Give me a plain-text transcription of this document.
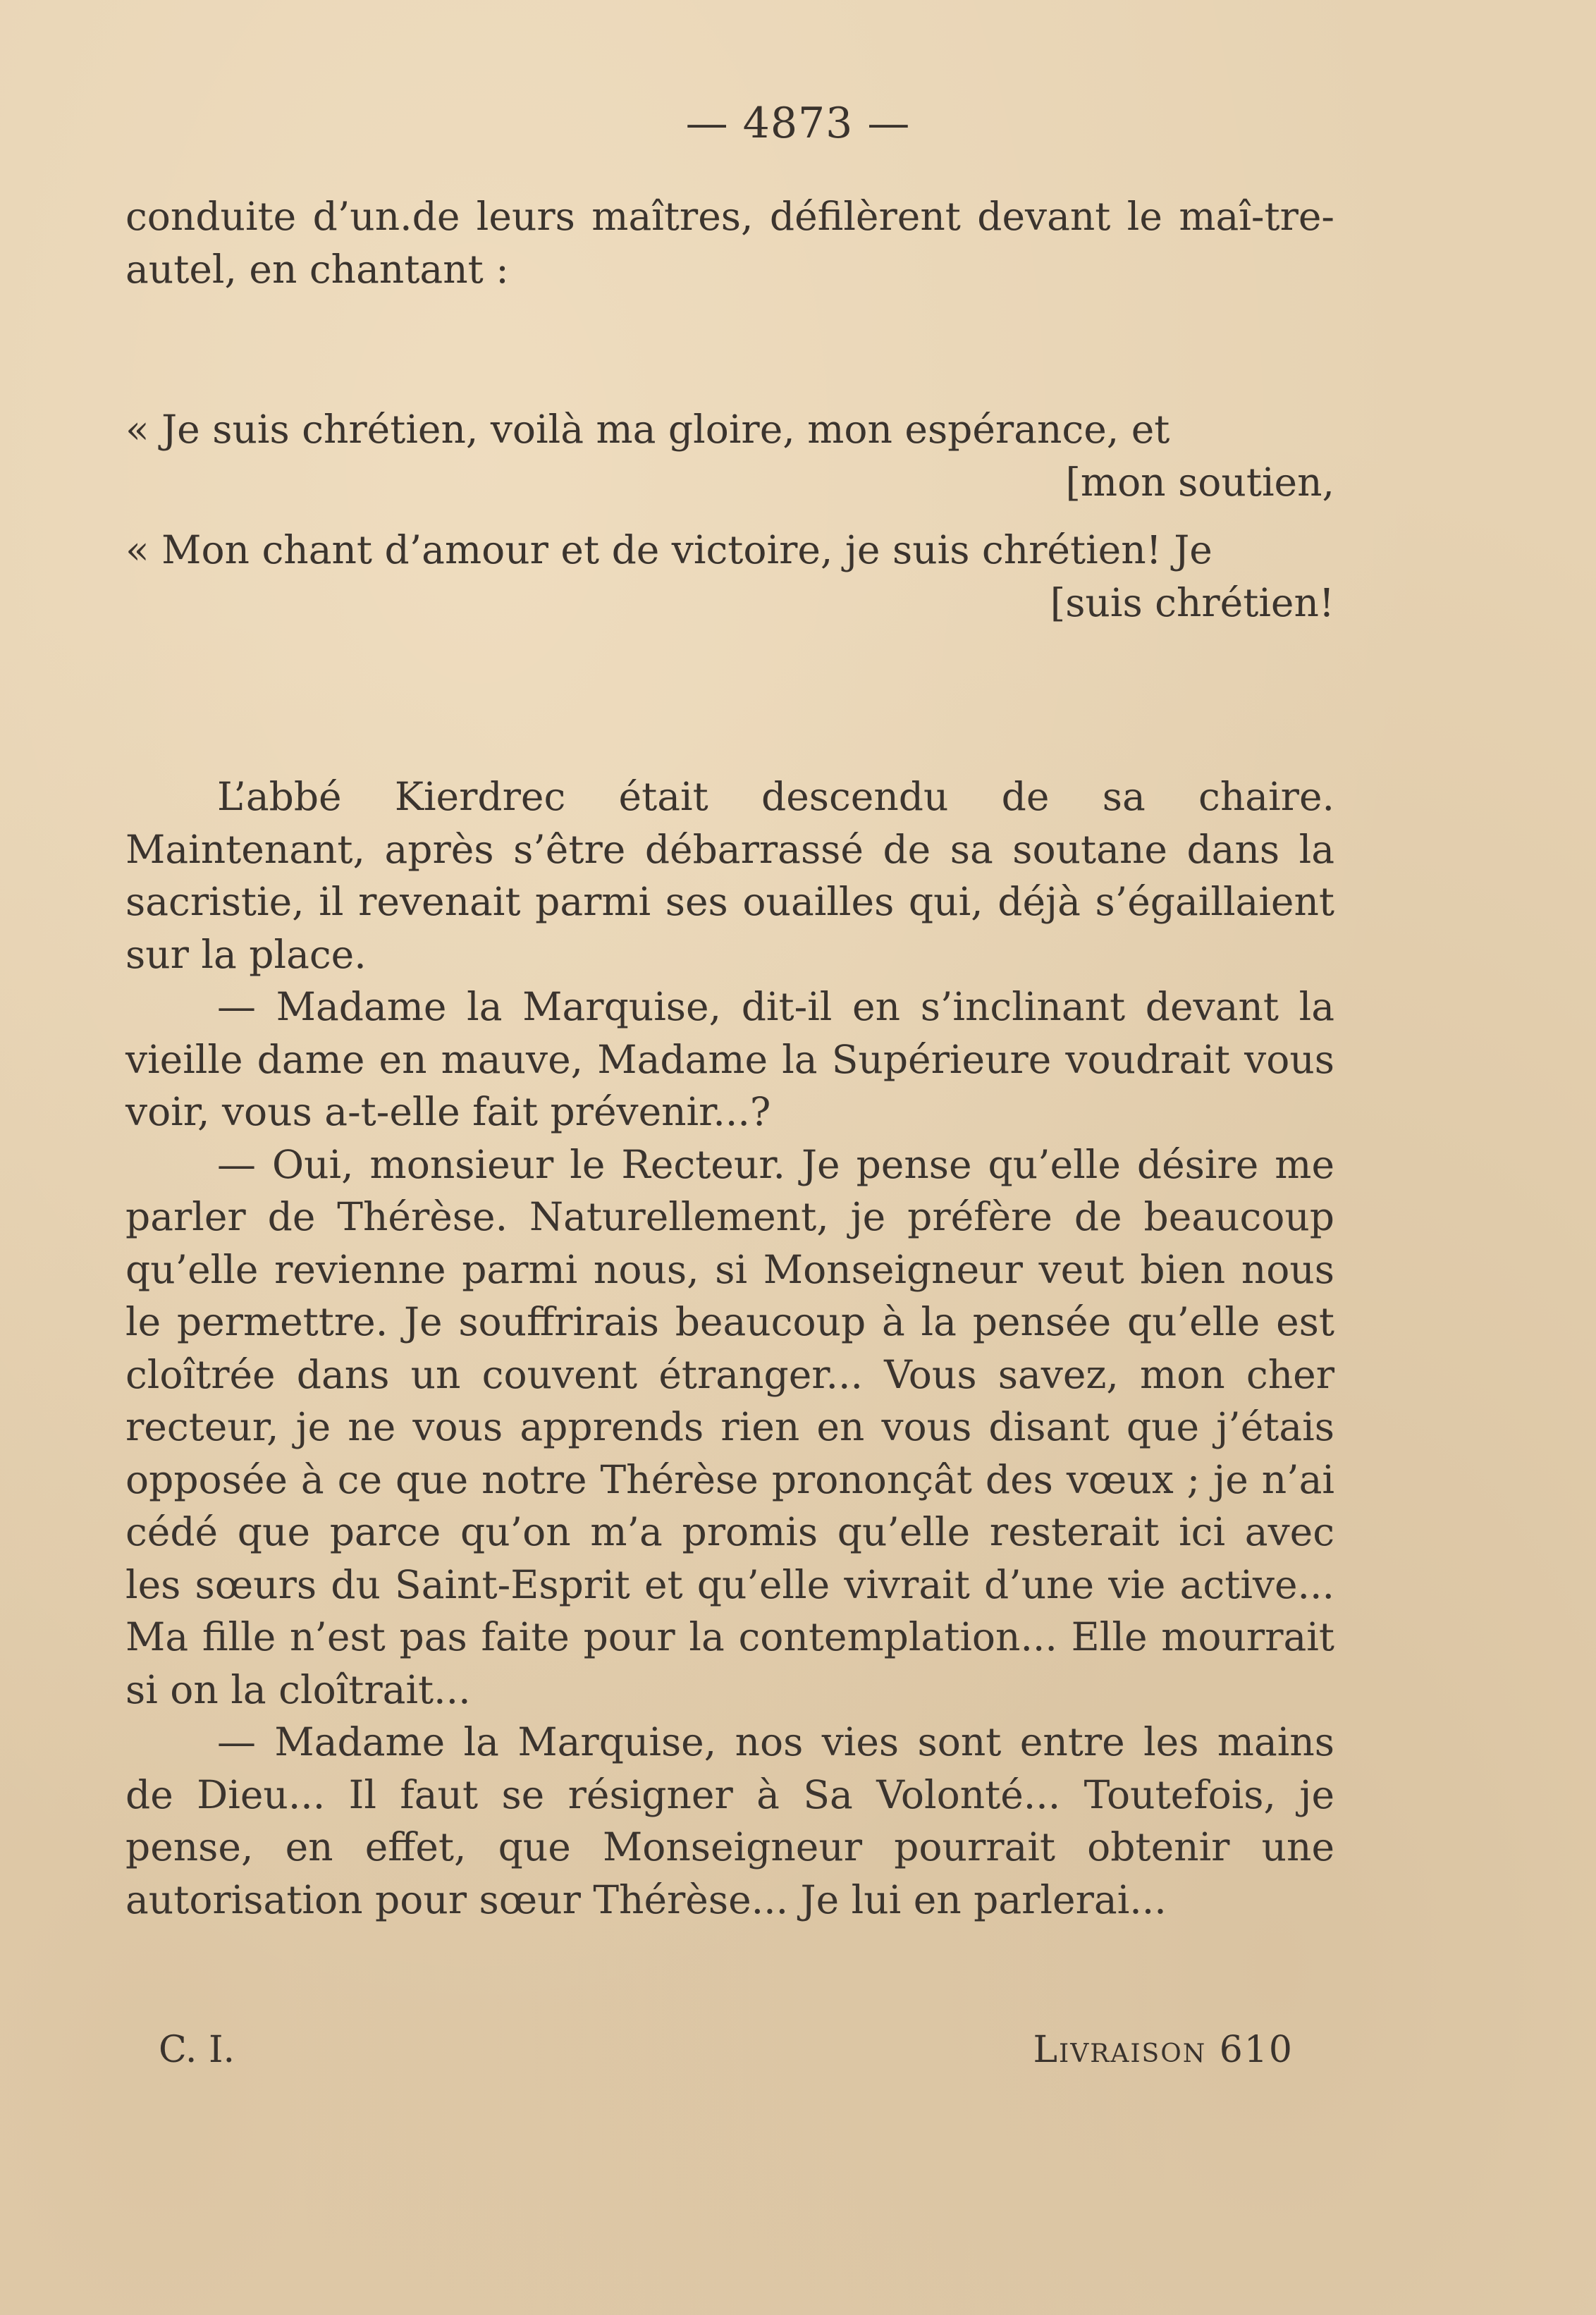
— 4873 —
conduite d’un.de leurs maîtres, défilèrent devant le maî-tre-autel, en chantant :
« Je suis chrétien, voilà ma gloire, mon espérance, et
[mon soutien,
« Mon chant d’amour et de victoire, je suis chrétien! Je
[suis chrétien!

L’abbé Kierdrec était descendu de sa chaire. Maintenant, après s’être débarrassé de sa soutane dans la sacristie, il revenait parmi ses ouailles qui, déjà s’égaillaient sur la place.

— Madame la Marquise, dit-il en s’inclinant devant la vieille dame en mauve, Madame la Supérieure voudrait vous voir, vous a-t-elle fait prévenir...?

— Oui, monsieur le Recteur. Je pense qu’elle désire me parler de Thérèse. Naturellement, je préfère de beaucoup qu’elle revienne parmi nous, si Monseigneur veut bien nous le permettre. Je souffrirais beaucoup à la pensée qu’elle est cloîtrée dans un couvent étranger... Vous savez, mon cher recteur, je ne vous apprends rien en vous disant que j’étais opposée à ce que notre Thérèse prononçât des vœux ; je n’ai cédé que parce qu’on m’a promis qu’elle resterait ici avec les sœurs du Saint-Esprit et qu’elle vivrait d’une vie active... Ma fille n’est pas faite pour la contemplation... Elle mourrait si on la cloîtrait...

— Madame la Marquise, nos vies sont entre les mains de Dieu... Il faut se résigner à Sa Volonté... Toutefois, je pense, en effet, que Monseigneur pourrait obtenir une autorisation pour sœur Thérèse... Je lui en parlerai...

C. I.	Livraison 610
